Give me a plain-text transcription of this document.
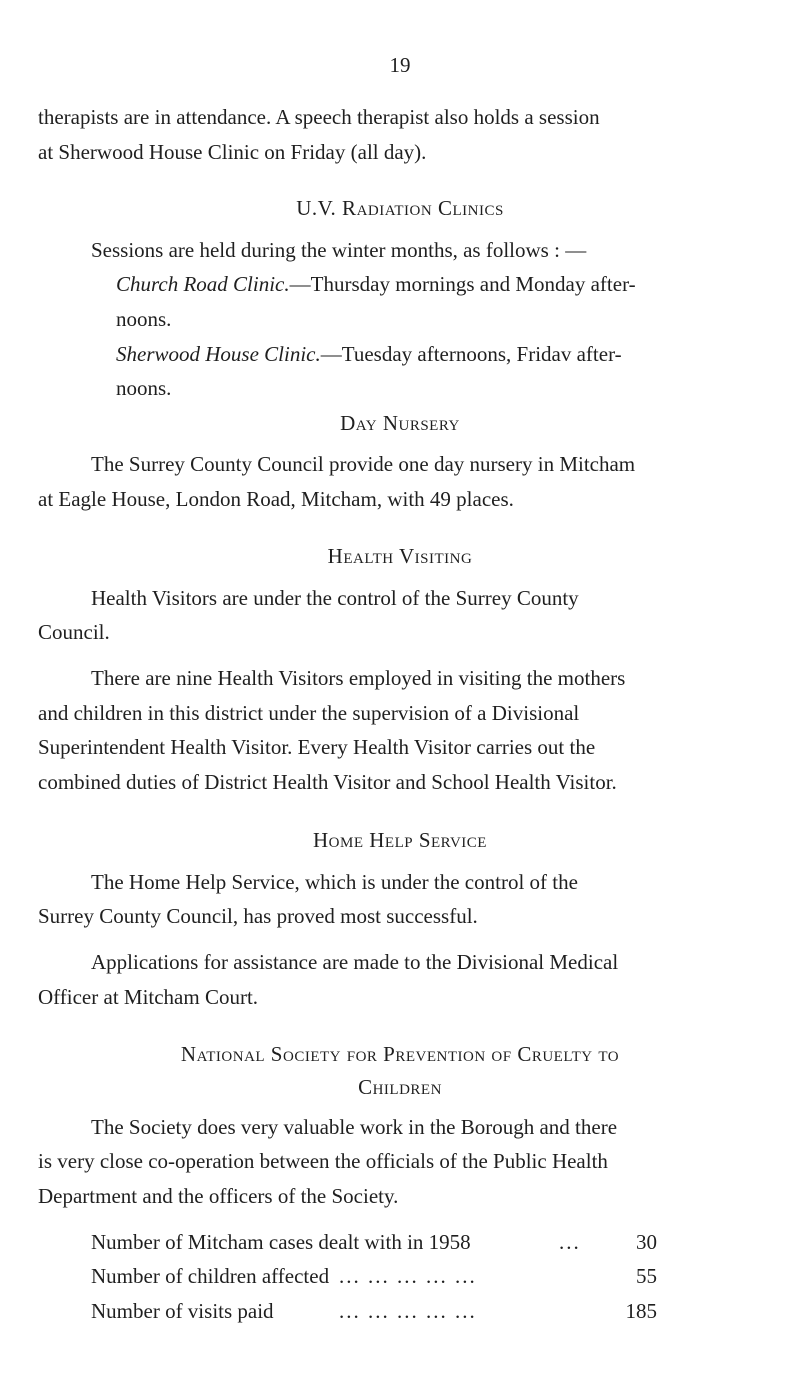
19
therapists are in attendance. A speech therapist also holds a session
at Sherwood House Clinic on Friday (all day).
U.V. Radiation Clinics
Sessions are held during the winter months, as follows : —
Church Road Clinic.—Thursday mornings and Monday after-
noons.
Sherwood House Clinic.—Tuesday afternoons, Fridav after-
noons.
Day Nursery
The Surrey County Council provide one day nursery in Mitcham
at Eagle House, London Road, Mitcham, with 49 places.
Health Visiting
Health Visitors are under the control of the Surrey County
Council.
There are nine Health Visitors employed in visiting the mothers
and children in this district under the supervision of a Divisional
Superintendent Health Visitor. Every Health Visitor carries out the
combined duties of District Health Visitor and School Health Visitor.
Home Help Service
The Home Help Service, which is under the control of the
Surrey County Council, has proved most successful.
Applications for assistance are made to the Divisional Medical
Officer at Mitcham Court.
National Society for Prevention of Cruelty to
Children
The Society does very valuable work in the Borough and there
is very close co-operation between the officials of the Public Health
Department and the officers of the Society.
Number of Mitcham cases dealt with in 1958	...	30
Number of children affected ... ... ... ... ...	55
Number of visits paid	... ... ... ... ...	185
